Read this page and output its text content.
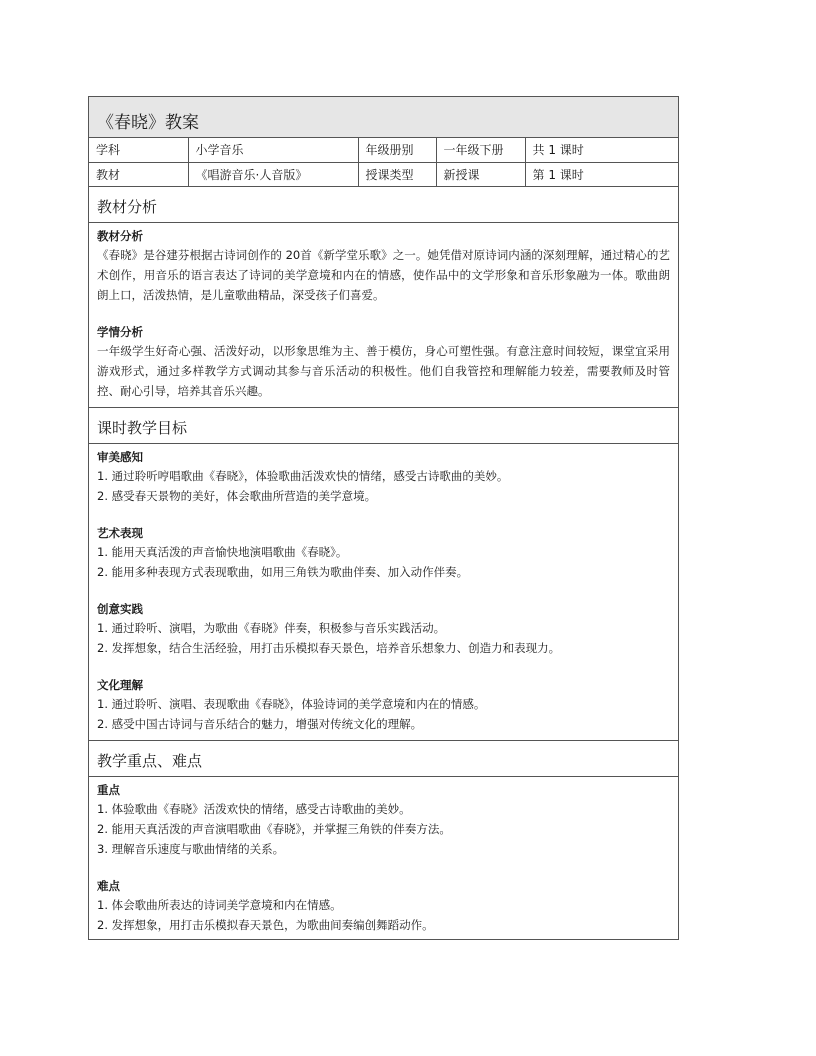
《春晓》教案
学科	小学音乐	年级册别	一年级下册	共 1 课时
教材	《唱游音乐·人音版》	授课类型	新授课	第 1 课时
教材分析
教材分析
《春晓》是谷建芬根据古诗词创作的 20首《新学堂乐歌》之一。她凭借对原诗词内涵的深刻理解，通过精心的艺术创作，用音乐的语言表达了诗词的美学意境和内在的情感，使作品中的文学形象和音乐形象融为一体。歌曲朗朗上口，活泼热情，是儿童歌曲精品，深受孩子们喜爱。
学情分析
一年级学生好奇心强、活泼好动，以形象思维为主、善于模仿，身心可塑性强。有意注意时间较短，课堂宜采用游戏形式，通过多样教学方式调动其参与音乐活动的积极性。他们自我管控和理解能力较差，需要教师及时管控、耐心引导，培养其音乐兴趣。
课时教学目标
审美感知
1. 通过聆听哼唱歌曲《春晓》，体验歌曲活泼欢快的情绪，感受古诗歌曲的美妙。
2. 感受春天景物的美好，体会歌曲所营造的美学意境。
艺术表现
1. 能用天真活泼的声音愉快地演唱歌曲《春晓》。
2. 能用多种表现方式表现歌曲，如用三角铁为歌曲伴奏、加入动作伴奏。
创意实践
1. 通过聆听、演唱，为歌曲《春晓》伴奏，积极参与音乐实践活动。
2. 发挥想象，结合生活经验，用打击乐模拟春天景色，培养音乐想象力、创造力和表现力。
文化理解
1. 通过聆听、演唱、表现歌曲《春晓》，体验诗词的美学意境和内在的情感。
2. 感受中国古诗词与音乐结合的魅力，增强对传统文化的理解。
教学重点、难点
重点
1. 体验歌曲《春晓》活泼欢快的情绪，感受古诗歌曲的美妙。
2. 能用天真活泼的声音演唱歌曲《春晓》，并掌握三角铁的伴奏方法。
3. 理解音乐速度与歌曲情绪的关系。
难点
1. 体会歌曲所表达的诗词美学意境和内在情感。
2. 发挥想象，用打击乐模拟春天景色，为歌曲间奏编创舞蹈动作。
